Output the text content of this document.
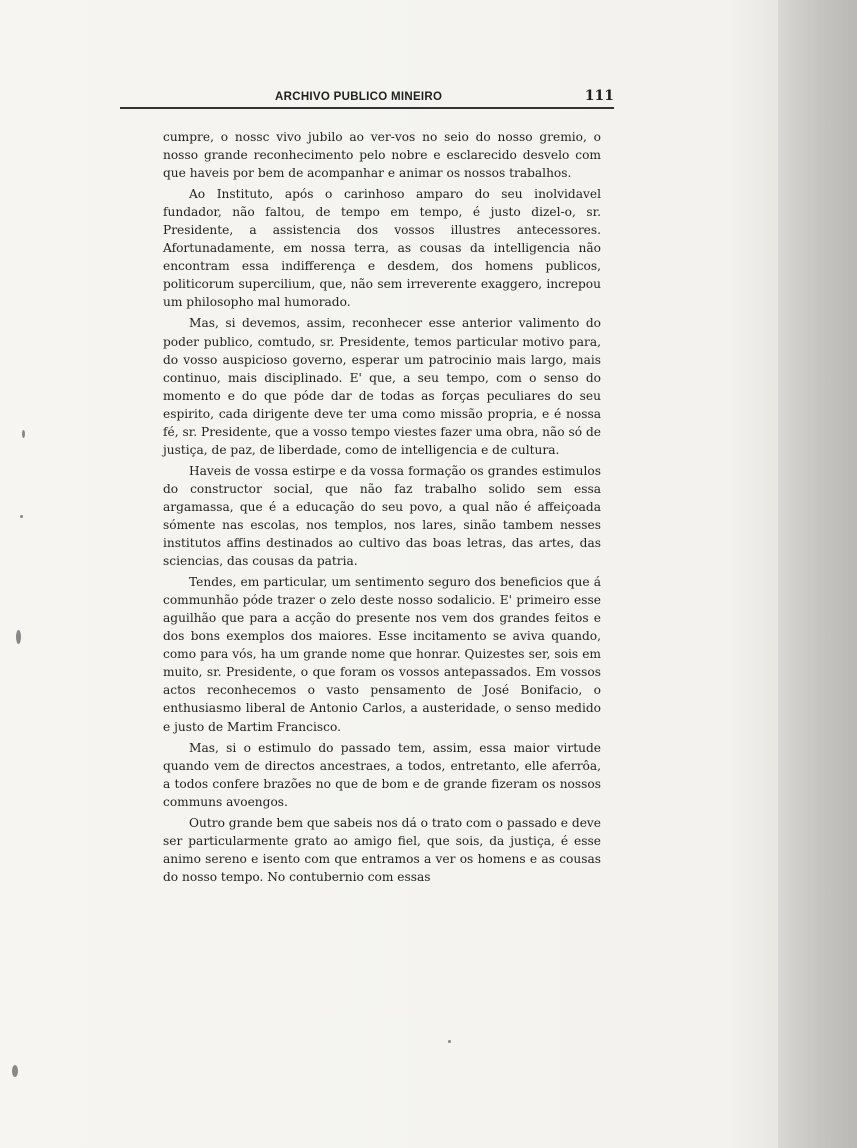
ARCHIVO PUBLICO MINEIRO	111

cumpre, o nossc vivo jubilo ao ver-vos no seio do nosso gremio, o nosso grande reconhecimento pelo nobre e esclarecido desvelo com que haveis por bem de acompanhar e animar os nossos trabalhos.

Ao Instituto, após o carinhoso amparo do seu inolvidavel fundador, não faltou, de tempo em tempo, é justo dizel-o, sr. Presidente, a assistencia dos vossos illustres antecessores. Afortunadamente, em nossa terra, as cousas da intelligencia não encontram essa indifferença e desdem, dos homens publicos, politicorum supercilium, que, não sem irreverente exaggero, increpou um philosopho mal humorado.

Mas, si devemos, assim, reconhecer esse anterior valimento do poder publico, comtudo, sr. Presidente, temos particular motivo para, do vosso auspicioso governo, esperar um patrocinio mais largo, mais continuo, mais disciplinado. E' que, a seu tempo, com o senso do momento e do que póde dar de todas as forças peculiares do seu espirito, cada dirigente deve ter uma como missão propria, e é nossa fé, sr. Presidente, que a vosso tempo viestes fazer uma obra, não só de justiça, de paz, de liberdade, como de intelligencia e de cultura.

Haveis de vossa estirpe e da vossa formação os grandes estimulos do constructor social, que não faz trabalho solido sem essa argamassa, que é a educação do seu povo, a qual não é affeiçoada sómente nas escolas, nos templos, nos lares, sinão tambem nesses institutos affins destinados ao cultivo das boas letras, das artes, das sciencias, das cousas da patria.

Tendes, em particular, um sentimento seguro dos beneficios que á communhão póde trazer o zelo deste nosso sodalicio. E' primeiro esse aguilhão que para a acção do presente nos vem dos grandes feitos e dos bons exemplos dos maiores. Esse incitamento se aviva quando, como para vós, ha um grande nome que honrar. Quizestes ser, sois em muito, sr. Presidente, o que foram os vossos antepassados. Em vossos actos reconhecemos o vasto pensamento de José Bonifacio, o enthusiasmo liberal de Antonio Carlos, a austeridade, o senso medido e justo de Martim Francisco.

Mas, si o estimulo do passado tem, assim, essa maior virtude quando vem de directos ancestraes, a todos, entretanto, elle aferrôa, a todos confere brazões no que de bom e de grande fizeram os nossos communs avoengos.

Outro grande bem que sabeis nos dá o trato com o passado e deve ser particularmente grato ao amigo fiel, que sois, da justiça, é esse animo sereno e isento com que entramos a ver os homens e as cousas do nosso tempo. No contubernio com essas
